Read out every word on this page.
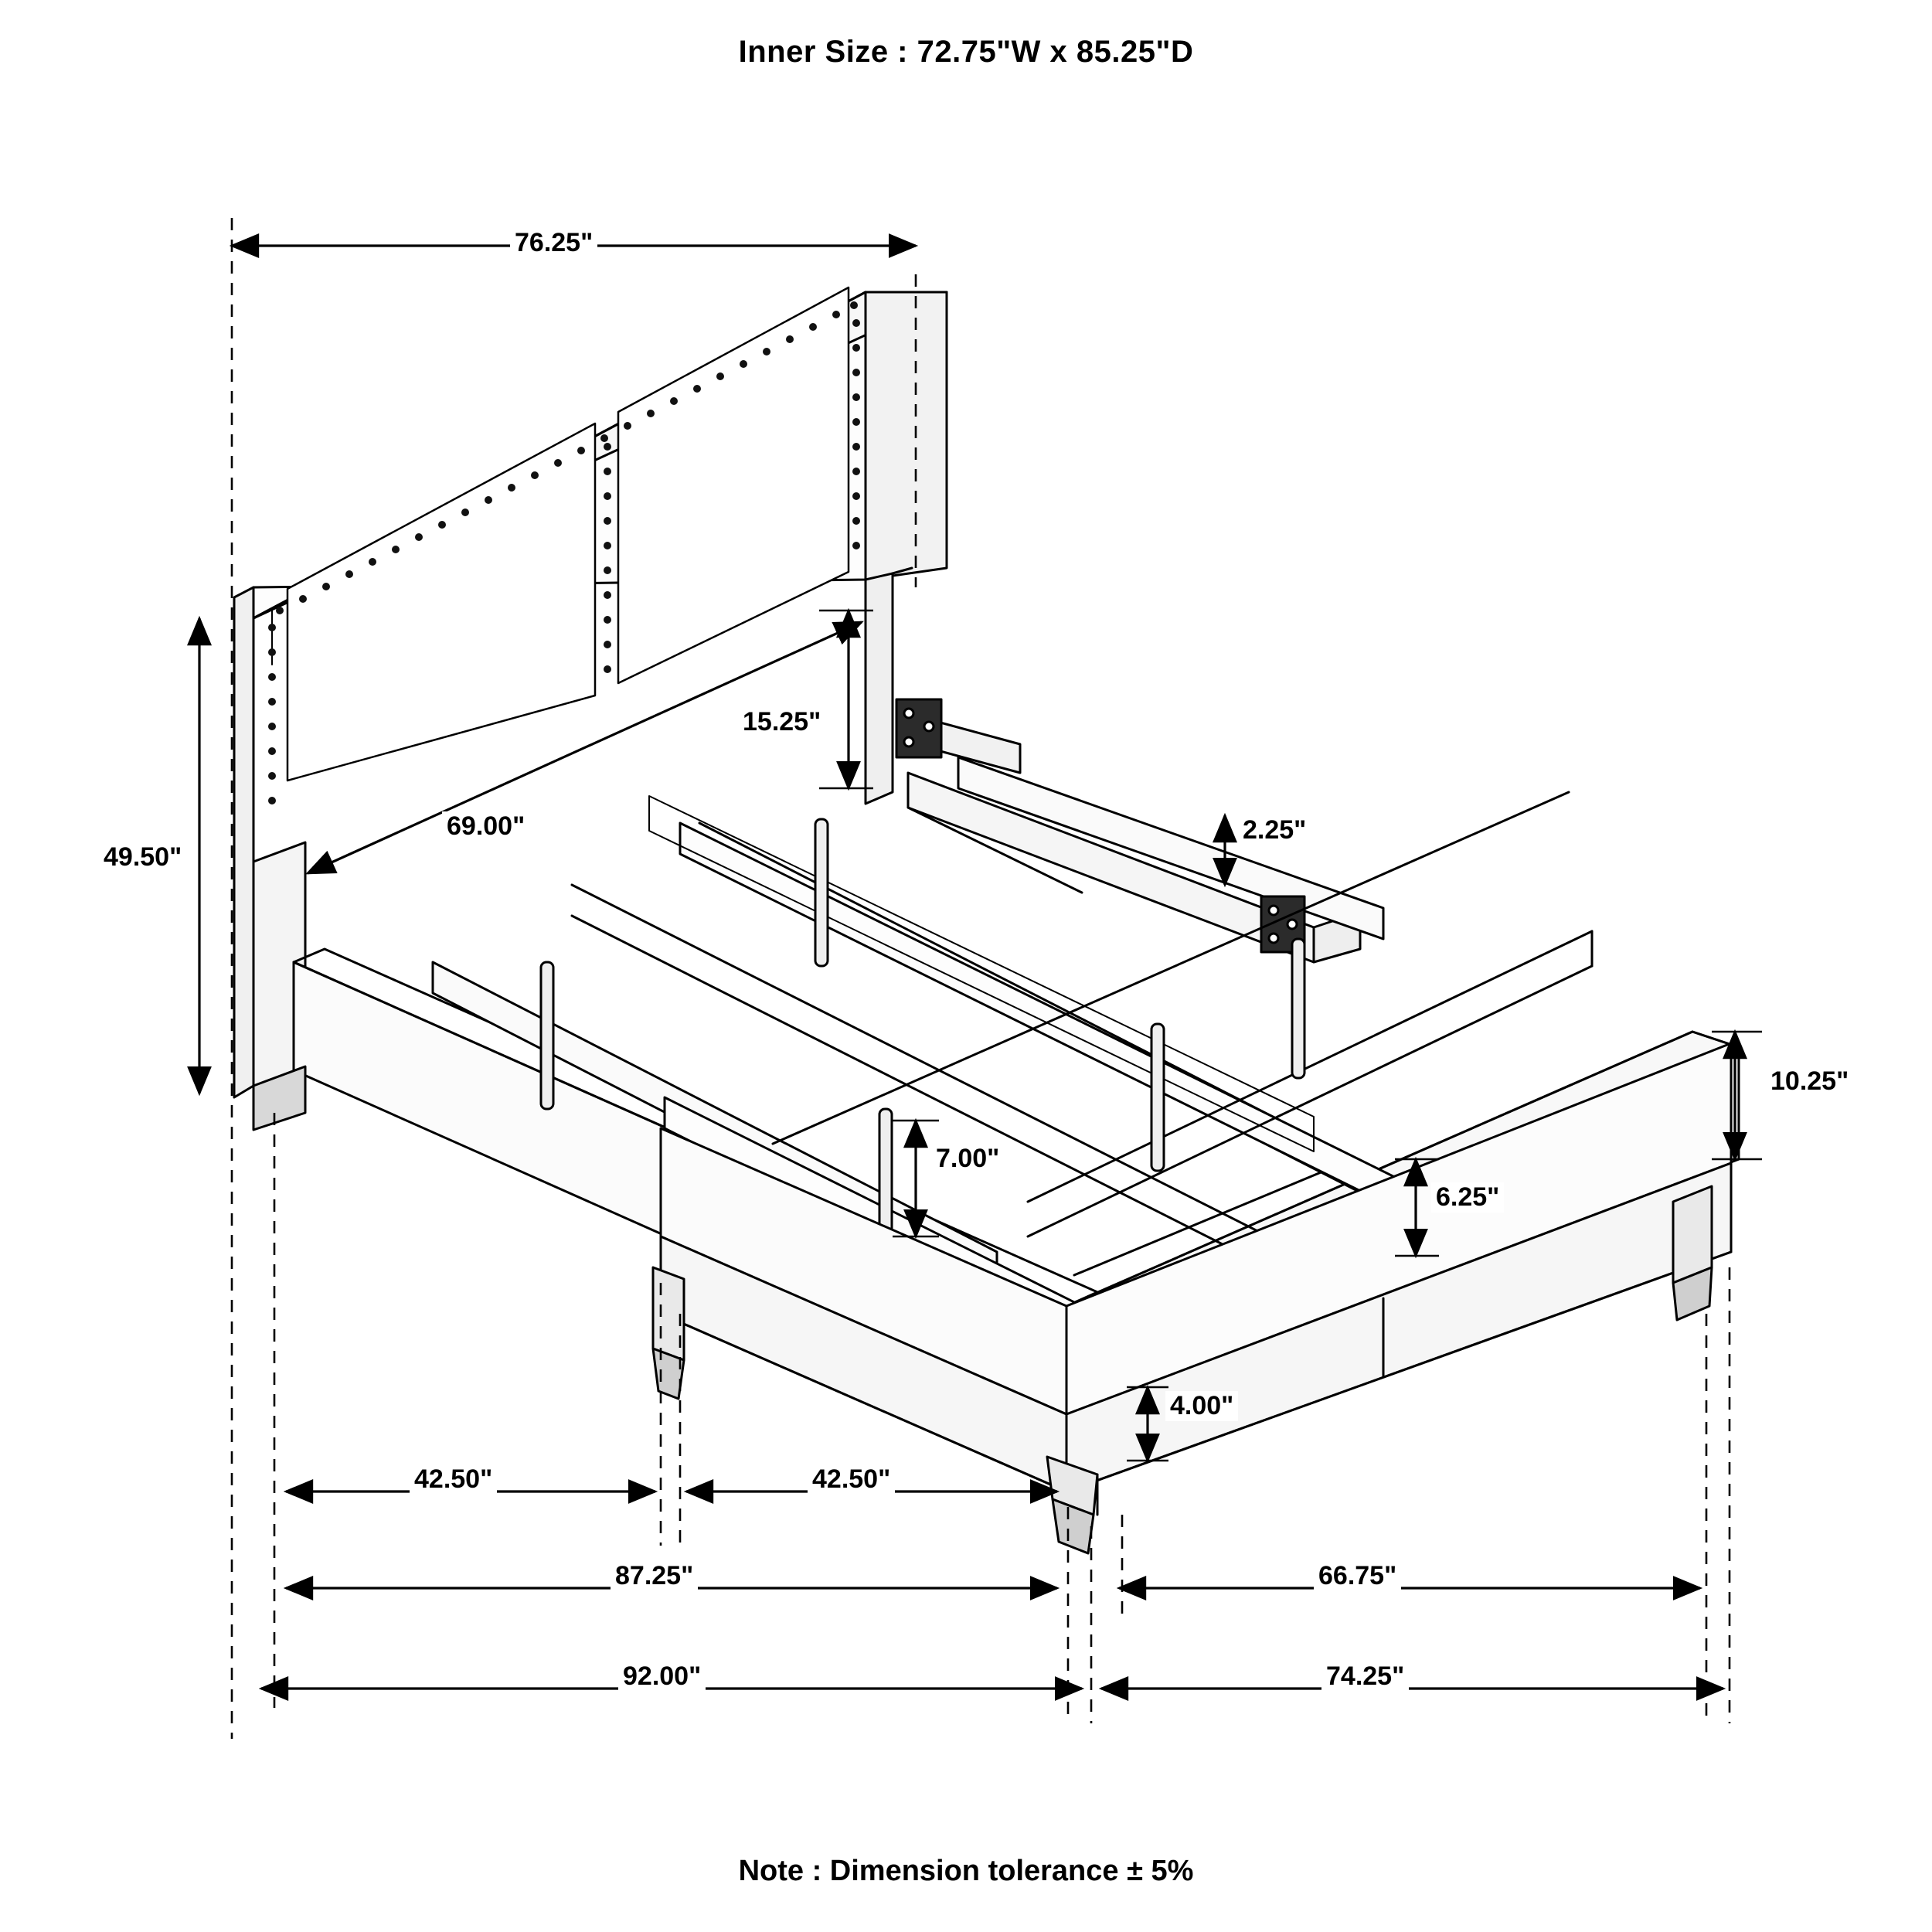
Inner Size : 72.75"W x 85.25"D
76.25"
49.50"
15.25"
69.00"	2.25"
10.25"
7.00"
6.25"
4.00"
42.50"	42.50"
87.25"	66.75"
92.00"	74.25"
Note : Dimension tolerance ± 5%
